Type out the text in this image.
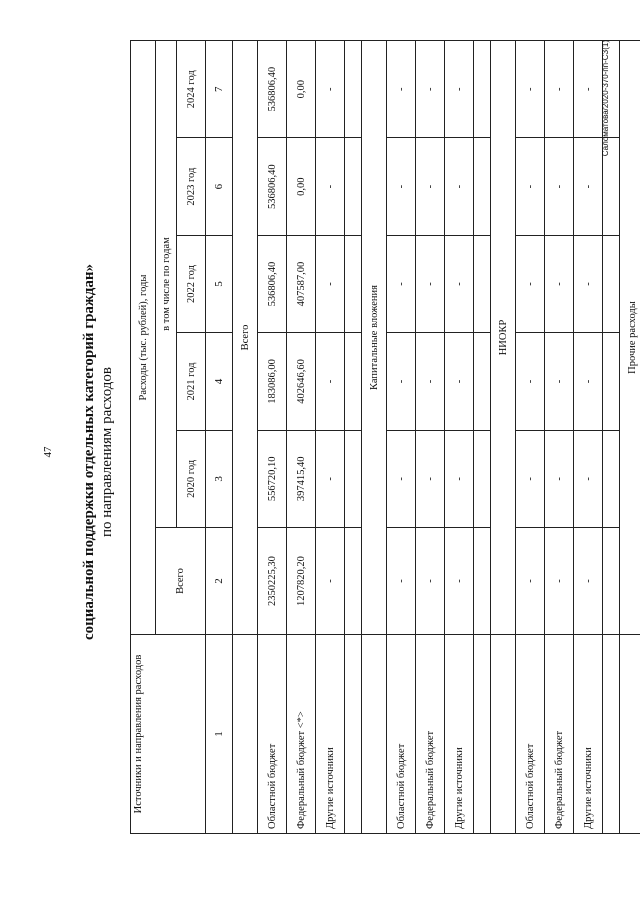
47 социальной поддержки отдельных категорий граждан» по направлениям расходов
Источники и направления расходов	Расходы (тыс. рублей), годы					
	Всего	в том числе по годам				
		2020 год	2021 год	2022 год	2023 год	2024 год
1	2	3	4	5	6	7
	Всего					
Областной бюджет	2350225,30	556720,10	183086,00	536806,40	536806,40	536806,40
Федеральный бюджет <*>	1207820,20	397415,40	402646,60	407587,00	0,00	0,00
Другие источники	-	-	-	-	-	-

	Капитальные вложения					
Областной бюджет	-	-	-	-	-	-
Федеральный бюджет	-	-	-	-	-	-
Другие источники	-	-	-	-	-	-

	НИОКР					
Областной бюджет	-	-	-	-	-	-
Федеральный бюджет	-	-	-	-	-	-
Другие источники	-	-	-	-	-	-

	Прочие расходы					
Саломатова/2020-370-пп-СЗ(1)
